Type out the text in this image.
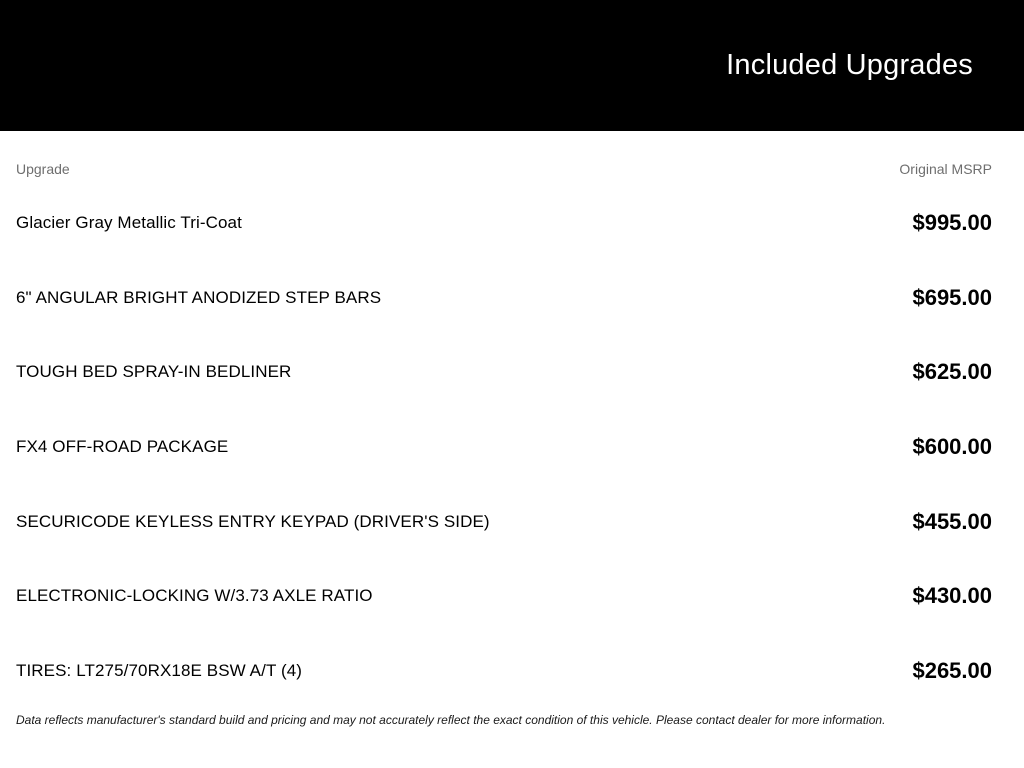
Included Upgrades
Upgrade	Original MSRP
Glacier Gray Metallic Tri-Coat	$995.00
6" ANGULAR BRIGHT ANODIZED STEP BARS	$695.00
TOUGH BED SPRAY-IN BEDLINER	$625.00
FX4 OFF-ROAD PACKAGE	$600.00
SECURICODE KEYLESS ENTRY KEYPAD (DRIVER'S SIDE)	$455.00
ELECTRONIC-LOCKING W/3.73 AXLE RATIO	$430.00
TIRES: LT275/70RX18E BSW A/T (4)	$265.00

Data reflects manufacturer's standard build and pricing and may not accurately reflect the exact condition of this vehicle. Please contact dealer for more information.
